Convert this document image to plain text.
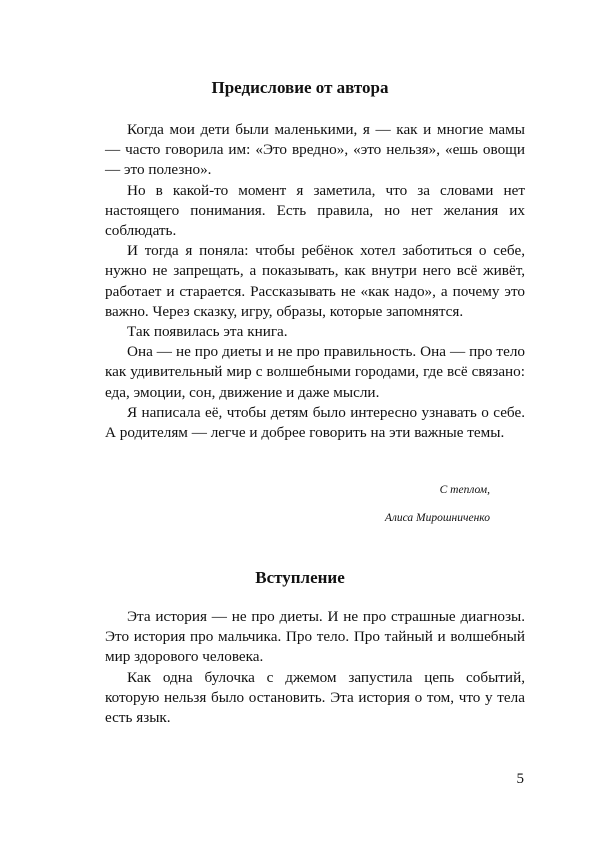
Предисловие от автора

Когда мои дети были маленькими, я — как и многие мамы — часто говорила им: «Это вредно», «это нельзя», «ешь овощи — это полезно».

Но в какой-то момент я заметила, что за словами нет настоящего понимания. Есть правила, но нет желания их соблюдать.

И тогда я поняла: чтобы ребёнок хотел заботиться о себе, нужно не запрещать, а показывать, как внутри него всё живёт, работает и старается. Рассказывать не «как надо», а почему это важно. Через сказку, игру, образы, которые запомнятся.

Так появилась эта книга.

Она — не про диеты и не про правильность. Она — про тело как удивительный мир с волшебными городами, где всё связано: еда, эмоции, сон, движение и даже мысли.

Я написала её, чтобы детям было интересно узнавать о себе. А родителям — легче и добрее говорить на эти важные темы.

С теплом,

Алиса Мирошниченко

Вступление

Эта история — не про диеты. И не про страшные диагнозы. Это история про мальчика. Про тело. Про тайный и волшебный мир здорового человека.

Как одна булочка с джемом запустила цепь событий, которую нельзя было остановить. Эта история о том, что у тела есть язык.

5
